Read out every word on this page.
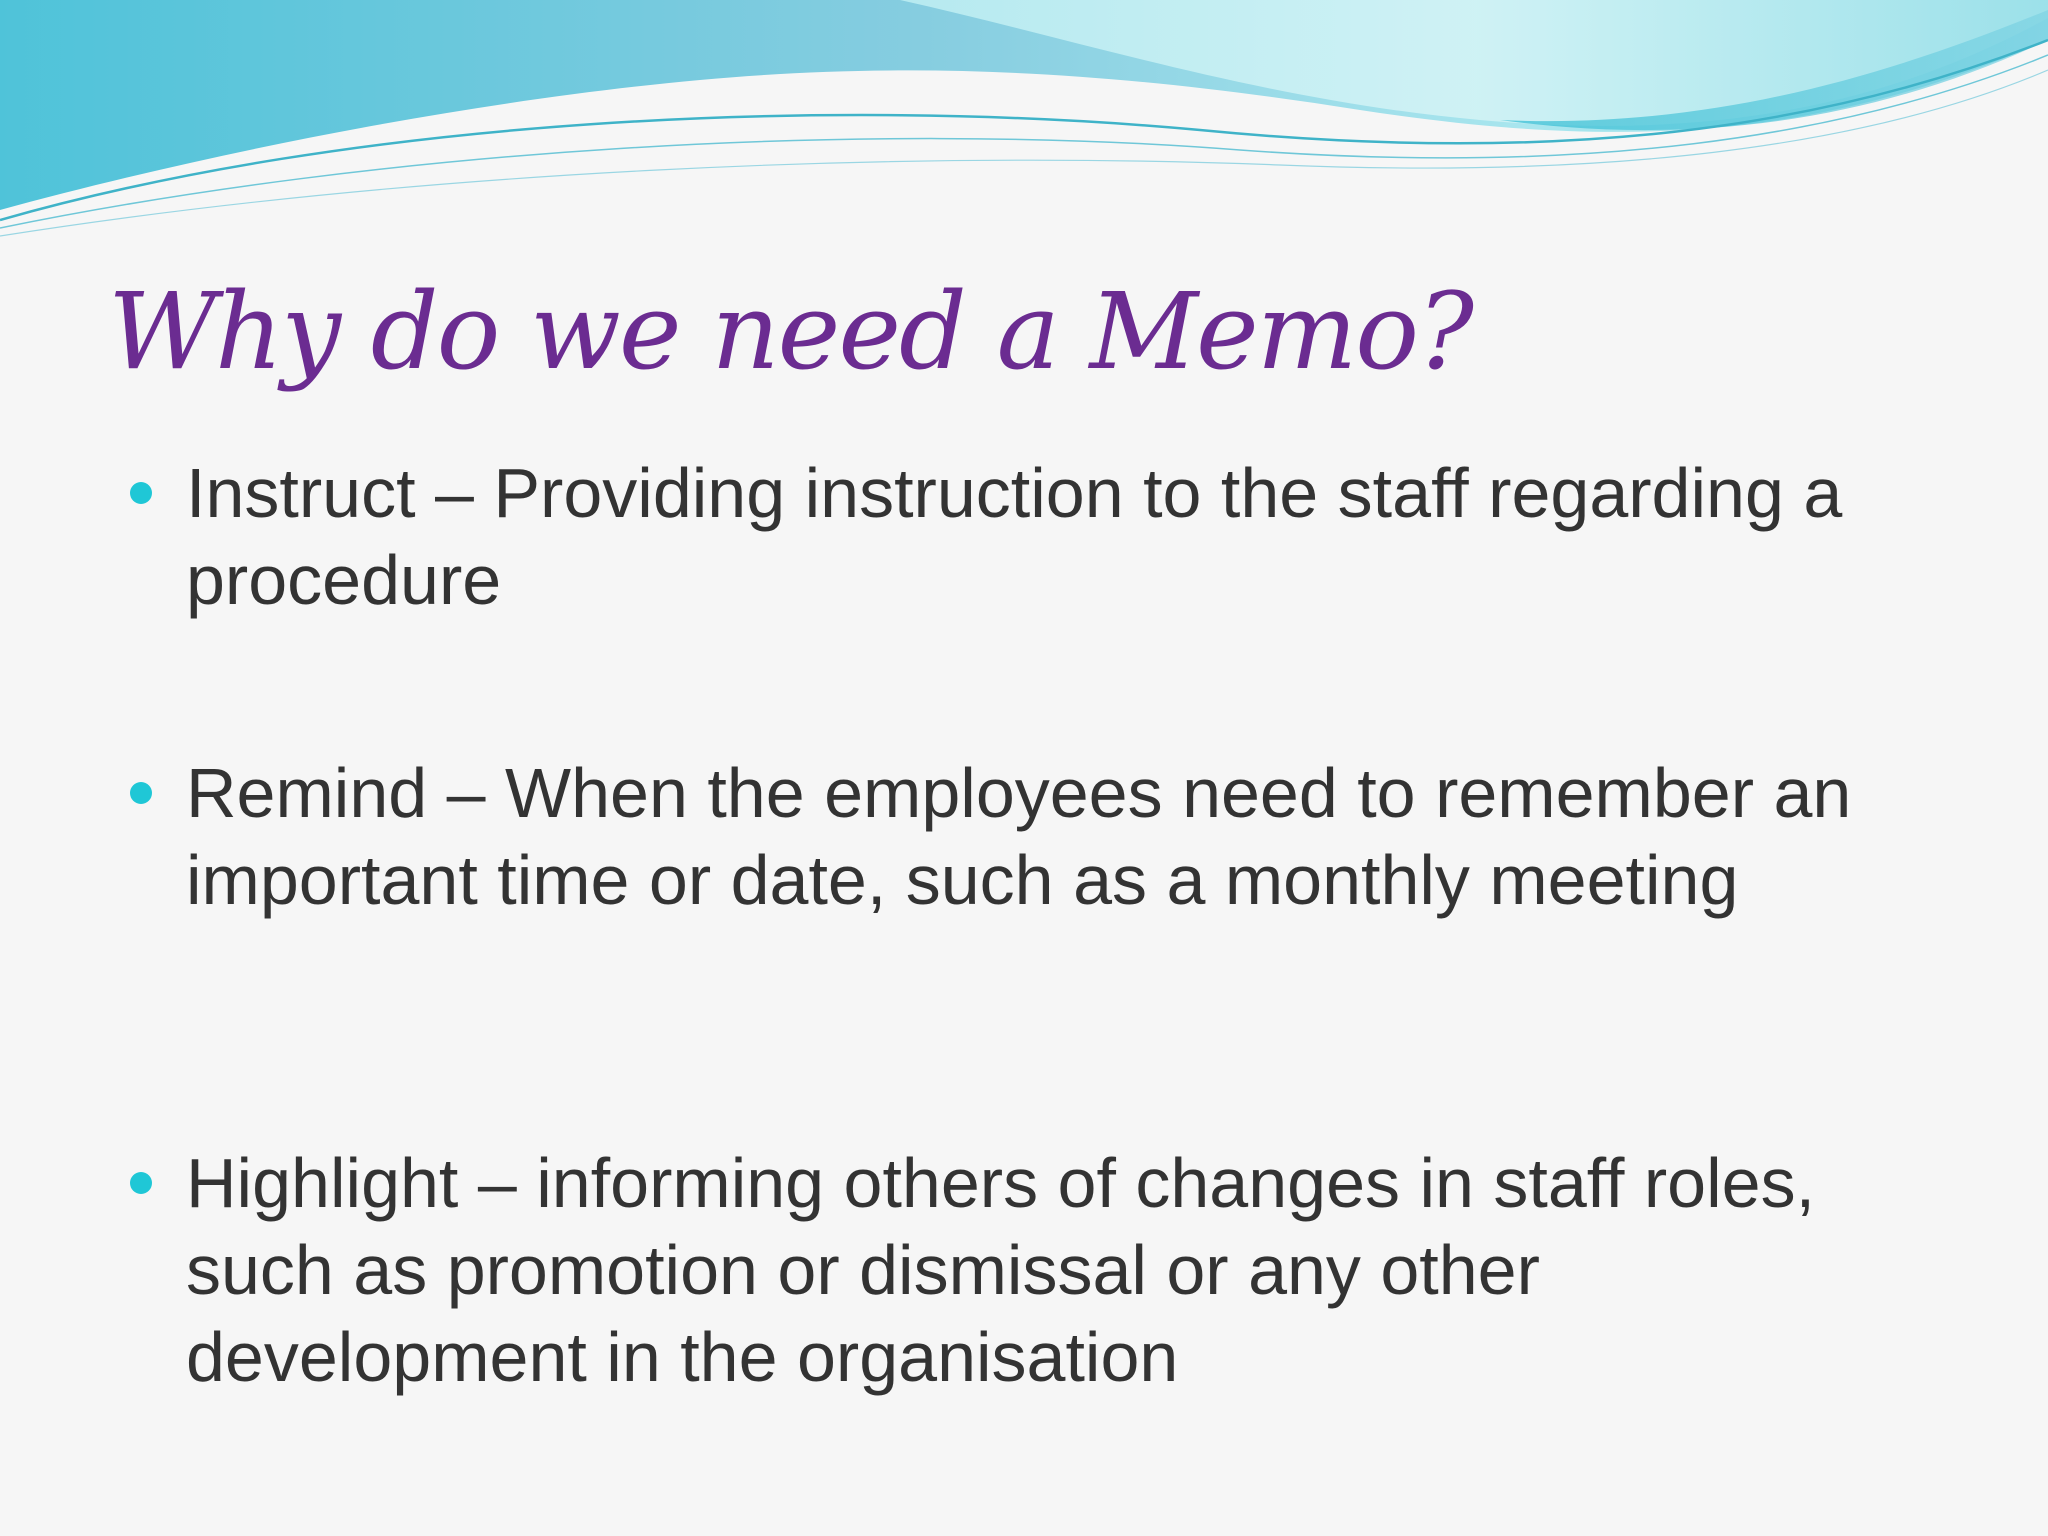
Why do we need a Memo?

Instruct – Providing instruction to the staff regarding a procedure

Remind – When the employees need to remember an important time or date, such as a monthly meeting

Highlight – informing others of changes in staff roles, such as promotion or dismissal or any other development in the organisation
